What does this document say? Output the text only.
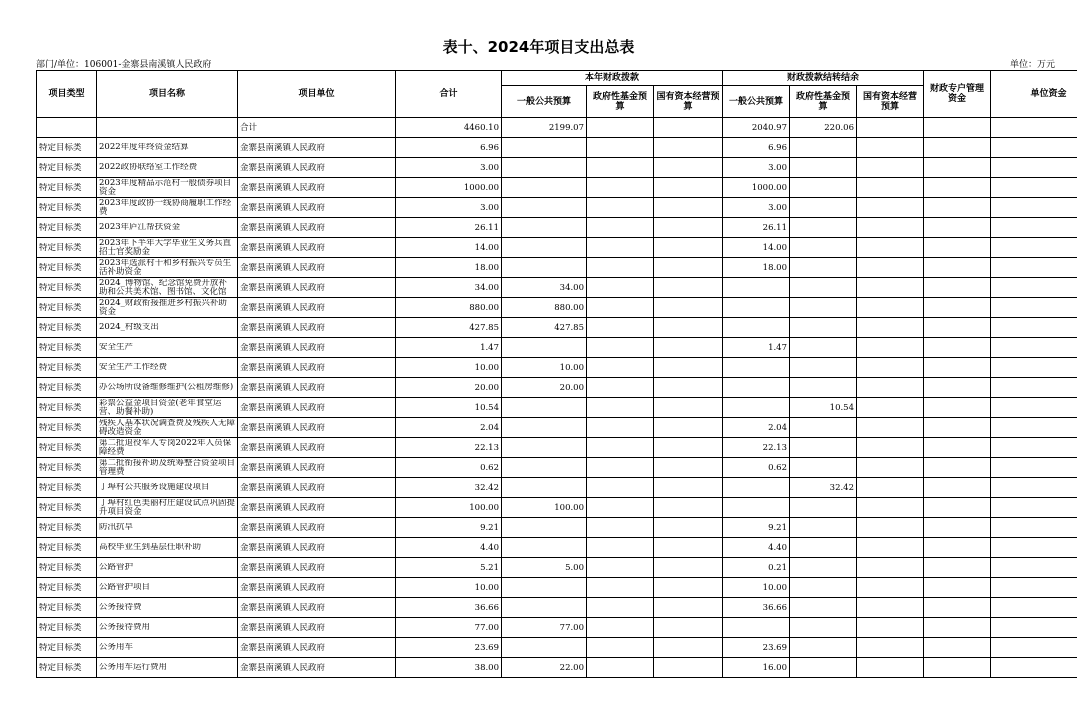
表十、2024年项目支出总表
部门/单位：106001-金寨县南溪镇人民政府	单位：万元
项目类型	项目名称	项目单位	合计	本年财政拨款			财政拨款结转结余			财政专户管理资金	单位资金
				一般公共预算	政府性基金预算	国有资本经营预算	一般公共预算	政府性基金预算	国有资本经营预算		
		合计	4460.10	2199.07			2040.97	220.06			

特定目标类	2022年度年终资金结算	金寨县南溪镇人民政府	6.96				6.96				

特定目标类	2022政协联络室工作经费	金寨县南溪镇人民政府	3.00				3.00				

特定目标类	2023年度精品示范村一般债券项目资金	金寨县南溪镇人民政府	1000.00				1000.00				

特定目标类	2023年度政协一线协商履职工作经费	金寨县南溪镇人民政府	3.00				3.00				

特定目标类	2023年庐江帮扶资金	金寨县南溪镇人民政府	26.11				26.11				

特定目标类	2023年下半年大学毕业生义务兵直招士官奖励金	金寨县南溪镇人民政府	14.00				14.00				

特定目标类	2023年选派村干和乡村振兴专员生活补助资金	金寨县南溪镇人民政府	18.00				18.00				

特定目标类	2024_博物馆、纪念馆免费开放补助和公共美术馆、图书馆、文化馆	金寨县南溪镇人民政府	34.00	34.00							

特定目标类	2024_财政衔接推进乡村振兴补助资金	金寨县南溪镇人民政府	880.00	880.00							

特定目标类	2024_村级支出	金寨县南溪镇人民政府	427.85	427.85							

特定目标类	安全生产	金寨县南溪镇人民政府	1.47				1.47				

特定目标类	安全生产工作经费	金寨县南溪镇人民政府	10.00	10.00							

特定目标类	办公场所设备维修维护(公租房维修)	金寨县南溪镇人民政府	20.00	20.00							

特定目标类	彩票公益金项目资金(老年食堂运营、助餐补助)	金寨县南溪镇人民政府	10.54					10.54			

特定目标类	残疾人基本状况调查费及残疾人无障碍改造资金	金寨县南溪镇人民政府	2.04				2.04				

特定目标类	第二批退役军人专岗2022年人员保障经费	金寨县南溪镇人民政府	22.13				22.13				

特定目标类	第二批衔接补助及统筹整合资金项目管理费	金寨县南溪镇人民政府	0.62				0.62				

特定目标类	丁埠村公共服务设施建设项目	金寨县南溪镇人民政府	32.42					32.42			

特定目标类	丁埠村红色美丽村庄建设试点巩固提升项目资金	金寨县南溪镇人民政府	100.00	100.00							

特定目标类	防汛抗旱	金寨县南溪镇人民政府	9.21				9.21				

特定目标类	高校毕业生到基层任职补助	金寨县南溪镇人民政府	4.40				4.40				

特定目标类	公路管护	金寨县南溪镇人民政府	5.21	5.00			0.21				

特定目标类	公路管护项目	金寨县南溪镇人民政府	10.00				10.00				

特定目标类	公务接待费	金寨县南溪镇人民政府	36.66				36.66				

特定目标类	公务接待费用	金寨县南溪镇人民政府	77.00	77.00							

特定目标类	公务用车	金寨县南溪镇人民政府	23.69				23.69				

特定目标类	公务用车运行费用	金寨县南溪镇人民政府	38.00	22.00			16.00				
